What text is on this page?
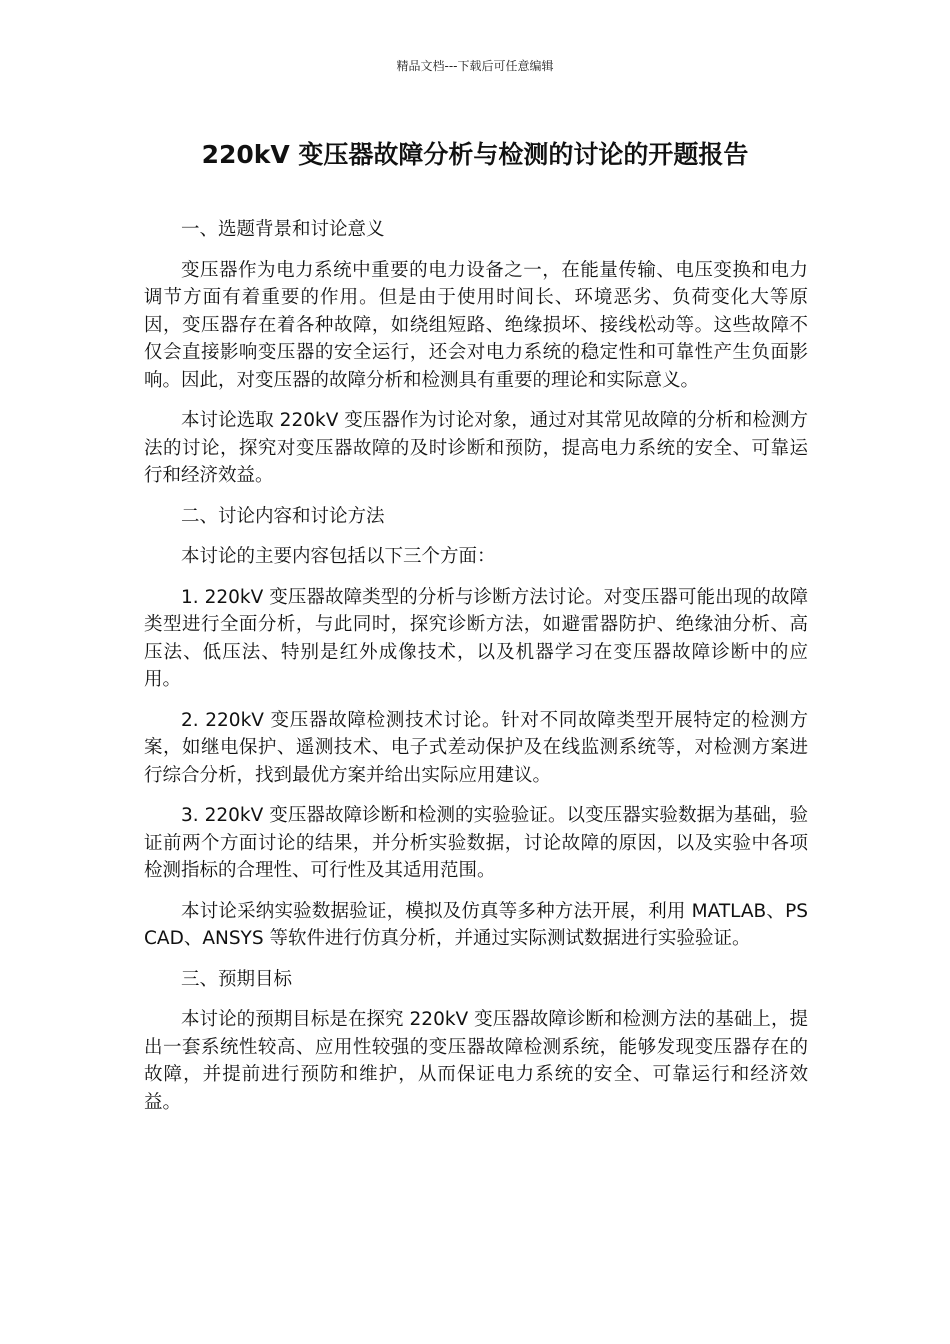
精品文档---下载后可任意编辑
220kV 变压器故障分析与检测的讨论的开题报告

一、选题背景和讨论意义

变压器作为电力系统中重要的电力设备之一，在能量传输、电压变换和电力调节方面有着重要的作用。但是由于使用时间长、环境恶劣、负荷变化大等原因，变压器存在着各种故障，如绕组短路、绝缘损坏、接线松动等。这些故障不仅会直接影响变压器的安全运行，还会对电力系统的稳定性和可靠性产生负面影响。因此，对变压器的故障分析和检测具有重要的理论和实际意义。

本讨论选取 220kV 变压器作为讨论对象，通过对其常见故障的分析和检测方法的讨论，探究对变压器故障的及时诊断和预防，提高电力系统的安全、可靠运行和经济效益。

二、讨论内容和讨论方法

本讨论的主要内容包括以下三个方面：

1. 220kV 变压器故障类型的分析与诊断方法讨论。对变压器可能出现的故障类型进行全面分析，与此同时，探究诊断方法，如避雷器防护、绝缘油分析、高压法、低压法、特别是红外成像技术，以及机器学习在变压器故障诊断中的应用。

2. 220kV 变压器故障检测技术讨论。针对不同故障类型开展特定的检测方案，如继电保护、遥测技术、电子式差动保护及在线监测系统等，对检测方案进行综合分析，找到最优方案并给出实际应用建议。

3. 220kV 变压器故障诊断和检测的实验验证。以变压器实验数据为基础，验证前两个方面讨论的结果，并分析实验数据，讨论故障的原因，以及实验中各项检测指标的合理性、可行性及其适用范围。

本讨论采纳实验数据验证，模拟及仿真等多种方法开展，利用 MATLAB、PSCAD、ANSYS 等软件进行仿真分析，并通过实际测试数据进行实验验证。

三、预期目标

本讨论的预期目标是在探究 220kV 变压器故障诊断和检测方法的基础上，提出一套系统性较高、应用性较强的变压器故障检测系统，能够发现变压器存在的故障，并提前进行预防和维护，从而保证电力系统的安全、可靠运行和经济效益。
